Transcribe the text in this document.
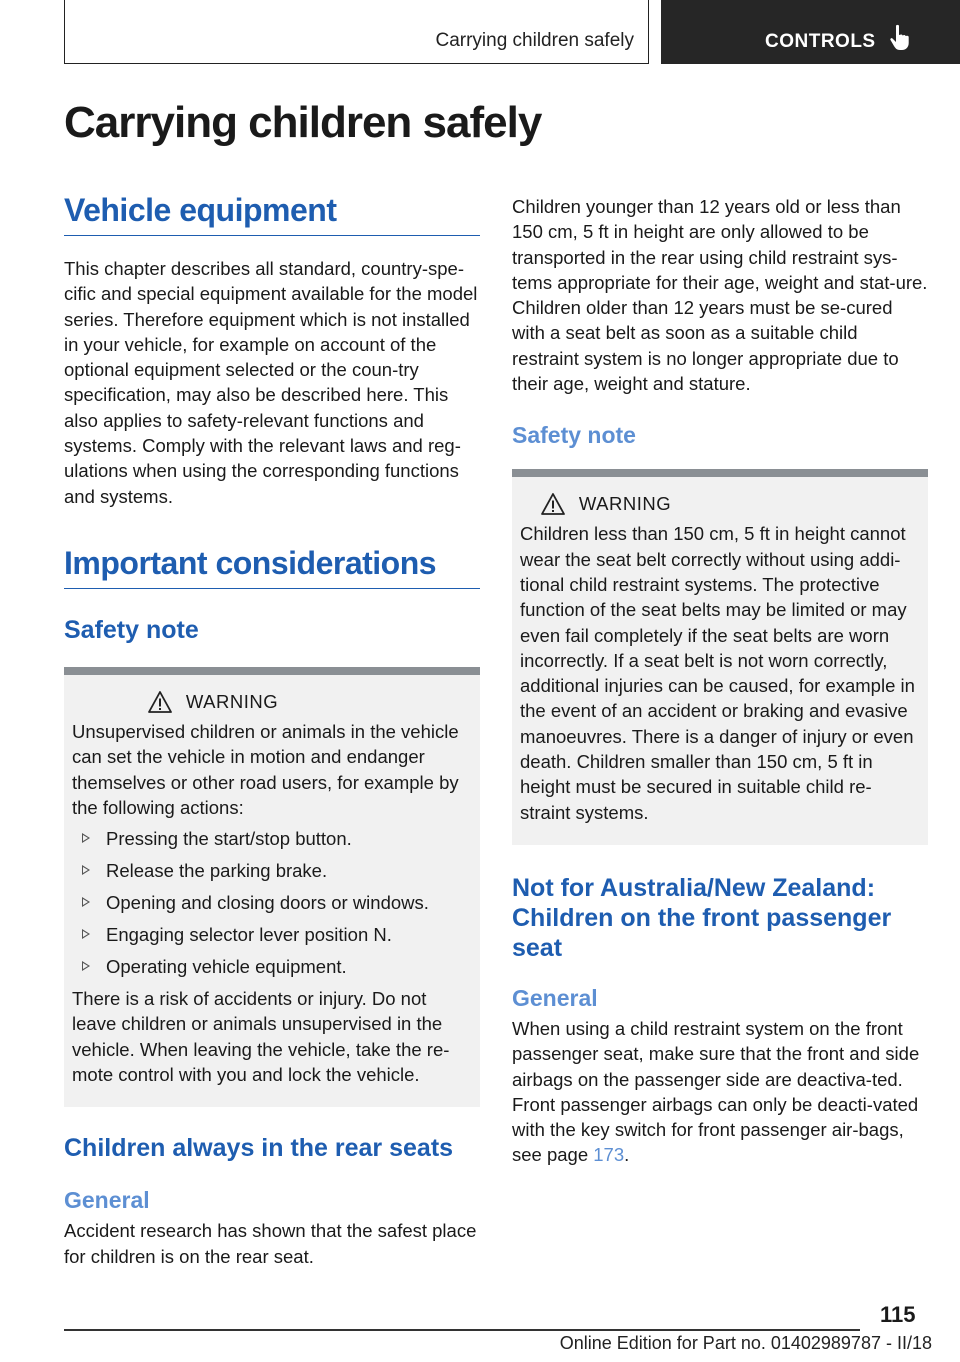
Carrying children safely	CONTROLS
Carrying children safely
Vehicle equipment

This chapter describes all standard, country-spe-cific and special equipment available for the model series. Therefore equipment which is not installed in your vehicle, for example on account of the optional equipment selected or the coun-try specification, may also be described here. This also applies to safety-relevant functions and systems. Comply with the relevant laws and reg-ulations when using the corresponding functions and systems.

Important considerations
Safety note
WARNING

Unsupervised children or animals in the vehicle can set the vehicle in motion and endanger themselves or other road users, for example by the following actions:

Pressing the start/stop button.
Release the parking brake.
Opening and closing doors or windows.
Engaging selector lever position N.
Operating vehicle equipment.

There is a risk of accidents or injury. Do not leave children or animals unsupervised in the vehicle. When leaving the vehicle, take the re-mote control with you and lock the vehicle.

Children always in the rear seats
General

Accident research has shown that the safest place for children is on the rear seat.

Children younger than 12 years old or less than 150 cm, 5 ft in height are only allowed to be transported in the rear using child restraint sys-tems appropriate for their age, weight and stat-ure. Children older than 12 years must be se-cured with a seat belt as soon as a suitable child restraint system is no longer appropriate due to their age, weight and stature.

Safety note
WARNING

Children less than 150 cm, 5 ft in height cannot wear the seat belt correctly without using addi-tional child restraint systems. The protective function of the seat belts may be limited or may even fail completely if the seat belts are worn incorrectly. If a seat belt is not worn correctly, additional injuries can be caused, for example in the event of an accident or braking and evasive manoeuvres. There is a danger of injury or even death. Children smaller than 150 cm, 5 ft in height must be secured in suitable child re-straint systems.

Not for Australia/New Zealand: Children on the front passenger seat
General

When using a child restraint system on the front passenger seat, make sure that the front and side airbags on the passenger side are deactiva-ted. Front passenger airbags can only be deacti-vated with the key switch for front passenger air-bags, see page 173.

115
Online Edition for Part no. 01402989787 - II/18
